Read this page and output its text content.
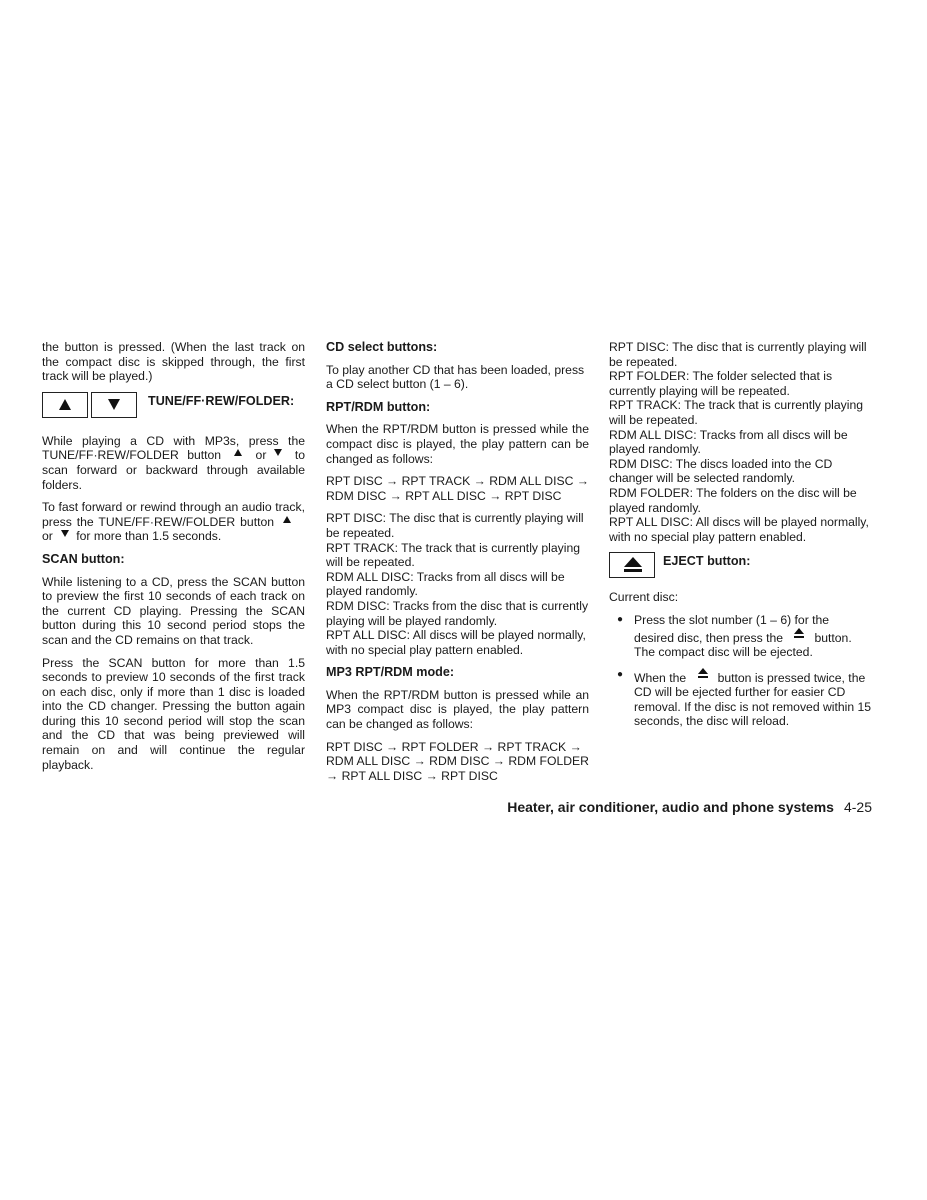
the button is pressed. (When the last track on the compact disc is skipped through, the first track will be played.)

TUNE/FF·REW/FOLDER:

While playing a CD with MP3s, press the TUNE/FF·REW/FOLDER button	or to scan forward or backward through available folders.

To fast forward or rewind through an audio track, press the TUNE/FF·REW/FOLDER button or for more than 1.5 seconds.

SCAN button:

While listening to a CD, press the SCAN button to preview the first 10 seconds of each track on the current CD playing. Pressing the SCAN button during this 10 second period stops the scan and the CD remains on that track.

Press the SCAN button for more than 1.5 seconds to preview 10 seconds of the first track on each disc, only if more than 1 disc is loaded into the CD changer. Pressing the button again during this 10 second period will stop the scan and the CD that was being previewed will remain on and will continue the regular playback.

CD select buttons:

To play another CD that has been loaded, press a CD select button (1 – 6).

RPT/RDM button:

When the RPT/RDM button is pressed while the compact disc is played, the play pattern can be changed as follows:

RPT DISC → RPT TRACK → RDM ALL DISC → RDM DISC → RPT ALL DISC → RPT DISC

RPT DISC: The disc that is currently playing will be repeated.

RPT TRACK: The track that is currently playing will be repeated.

RDM ALL DISC: Tracks from all discs will be played randomly.

RDM DISC: Tracks from the disc that is currently playing will be played randomly.

RPT ALL DISC: All discs will be played normally, with no special play pattern enabled.

MP3 RPT/RDM mode:

When the RPT/RDM button is pressed while an MP3 compact disc is played, the play pattern can be changed as follows:

RPT DISC → RPT FOLDER → RPT TRACK → RDM ALL DISC → RDM DISC → RDM FOLDER → RPT ALL DISC → RPT DISC

RPT DISC: The disc that is currently playing will be repeated.

RPT FOLDER: The folder selected that is currently playing will be repeated.

RPT TRACK: The track that is currently playing will be repeated.

RDM ALL DISC: Tracks from all discs will be played randomly.

RDM DISC: The discs loaded into the CD changer will be selected randomly.

RDM FOLDER: The folders on the disc will be played randomly.

RPT ALL DISC: All discs will be played normally, with no special play pattern enabled.

EJECT button:

Current disc:

● Press the slot number (1 – 6) for the desired disc, then press the	button. The compact disc will be ejected.
● When the	button is pressed twice, the CD will be ejected further for easier CD removal. If the disc is not removed within 15 seconds, the disc will reload.
Heater, air conditioner, audio and phone systems 4-25
